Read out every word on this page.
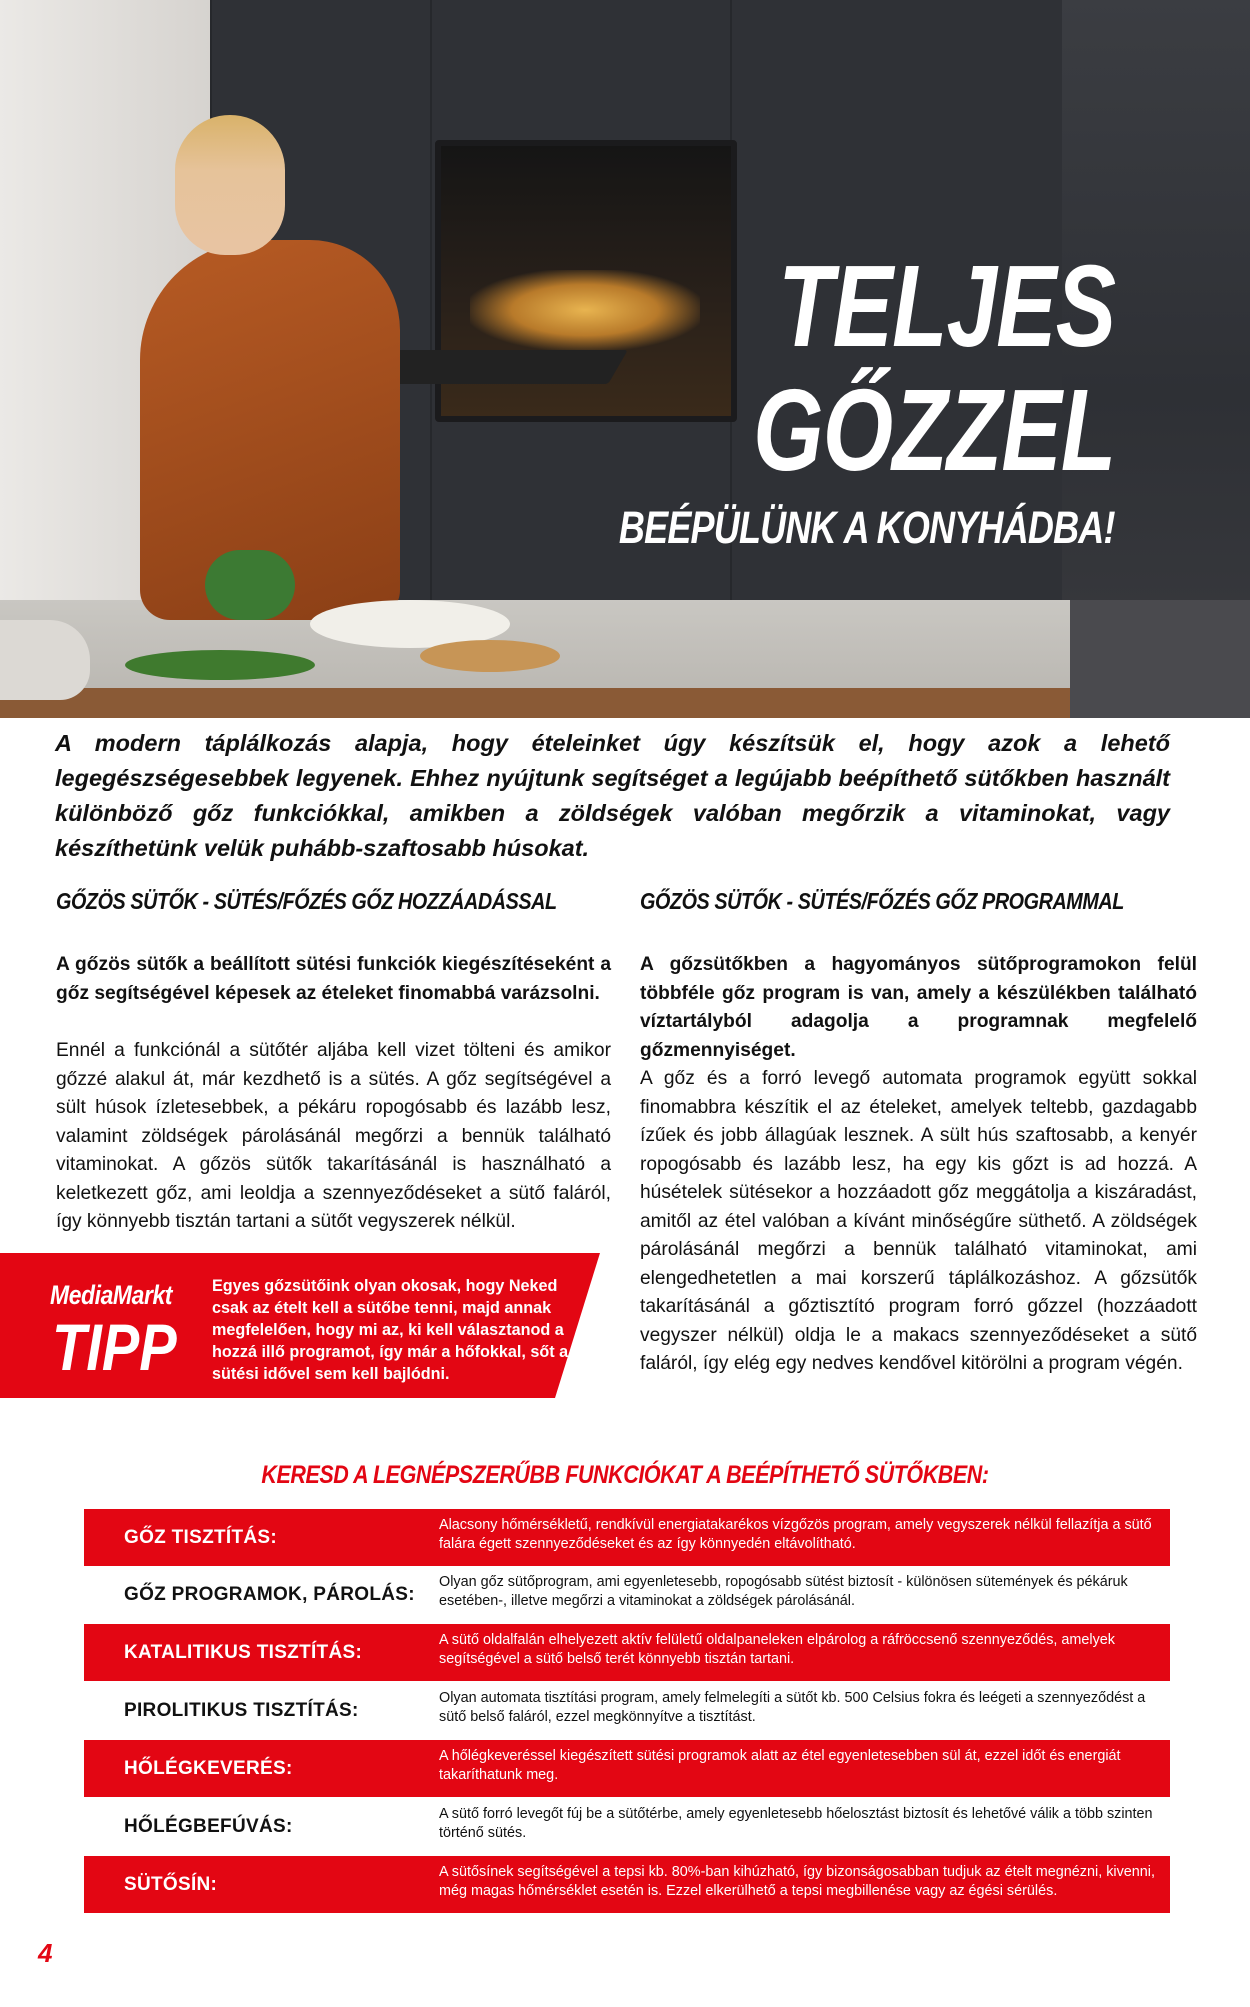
TELJES
GŐZZEL
BEÉPÜLÜNK A KONYHÁDBA!
A modern táplálkozás alapja, hogy ételeinket úgy készítsük el, hogy azok a lehető legegészségesebbek legyenek. Ehhez nyújtunk segítséget a legújabb beépíthető sütőkben használt különböző gőz funkciókkal, amikben a zöldségek valóban megőrzik a vitaminokat, vagy készíthetünk velük puhább-szaftosabb húsokat.
GŐZÖS SÜTŐK - SÜTÉS/FŐZÉS GŐZ HOZZÁADÁSSAL	GŐZÖS SÜTŐK - SÜTÉS/FŐZÉS GŐZ PROGRAMMAL
A gőzös sütők a beállított sütési funkciók kiegészítéseként a gőz segítségével képesek az ételeket finomabbá varázsolni.
Ennél a funkciónál a sütőtér aljába kell vizet tölteni és amikor gőzzé alakul át, már kezdhető is a sütés. A gőz segítségével a sült húsok ízletesebbek, a pékáru ropogósabb és lazább lesz, valamint zöldségek párolásánál megőrzi a bennük található vitaminokat. A gőzös sütők takarításánál is használható a keletkezett gőz, ami leoldja a szennyeződéseket a sütő faláról, így könnyebb tisztán tartani a sütőt vegyszerek nélkül.
A gőzsütőkben a hagyományos sütőprogramokon felül többféle gőz program is van, amely a készülékben található víztartályból adagolja a programnak megfelelő gőzmennyiséget.
A gőz és a forró levegő automata programok együtt sokkal finomabbra készítik el az ételeket, amelyek teltebb, gazdagabb ízűek és jobb állagúak lesznek. A sült hús szaftosabb, a kenyér ropogósabb és lazább lesz, ha egy kis gőzt is ad hozzá. A húsételek sütésekor a hozzáadott gőz meggátolja a kiszáradást, amitől az étel valóban a kívánt minőségűre süthető. A zöldségek párolásánál megőrzi a bennük található vitaminokat, ami elengedhetetlen a mai korszerű táplálkozáshoz. A gőzsütők takarításánál a gőztisztító program forró gőzzel (hozzáadott vegyszer nélkül) oldja le a makacs szennyeződéseket a sütő faláról, így elég egy nedves kendővel kitörölni a program végén.
MediaMarkt
TIPP
Egyes gőzsütőink olyan okosak, hogy Neked csak az ételt kell a sütőbe tenni, majd annak megfelelően, hogy mi az, ki kell választanod a hozzá illő programot, így már a hőfokkal, sőt a sütési idővel sem kell bajlódni.
KERESD A LEGNÉPSZERŰBB FUNKCIÓKAT A BEÉPÍTHETŐ SÜTŐKBEN:
GŐZ TISZTÍTÁS:
Alacsony hőmérsékletű, rendkívül energiatakarékos vízgőzös program, amely vegyszerek nélkül fellazítja a sütő falára égett szennyeződéseket és az így könnyedén eltávolítható.
GŐZ PROGRAMOK, PÁROLÁS:
Olyan gőz sütőprogram, ami egyenletesebb, ropogósabb sütést biztosít - különösen sütemények és pékáruk esetében-, illetve megőrzi a vitaminokat a zöldségek párolásánál.
KATALITIKUS TISZTÍTÁS:
A sütő oldalfalán elhelyezett aktív felületű oldalpaneleken elpárolog a ráfröccsenő szennyeződés, amelyek segítségével a sütő belső terét könnyebb tisztán tartani.
PIROLITIKUS TISZTÍTÁS:
Olyan automata tisztítási program, amely felmelegíti a sütőt kb. 500 Celsius fokra és leégeti a szennyeződést a sütő belső faláról, ezzel megkönnyítve a tisztítást.
HŐLÉGKEVERÉS:
A hőlégkeveréssel kiegészített sütési programok alatt az étel egyenletesebben sül át, ezzel időt és energiát takaríthatunk meg.
HŐLÉGBEFÚVÁS:
A sütő forró levegőt fúj be a sütőtérbe, amely egyenletesebb hőelosztást biztosít és lehetővé válik a több szinten történő sütés.
SÜTŐSÍN:
A sütősínek segítségével a tepsi kb. 80%-ban kihúzható, így bizonságosabban tudjuk az ételt megnézni, kivenni, még magas hőmérséklet esetén is. Ezzel elkerülhető a tepsi megbillenése vagy az égési sérülés.
4
